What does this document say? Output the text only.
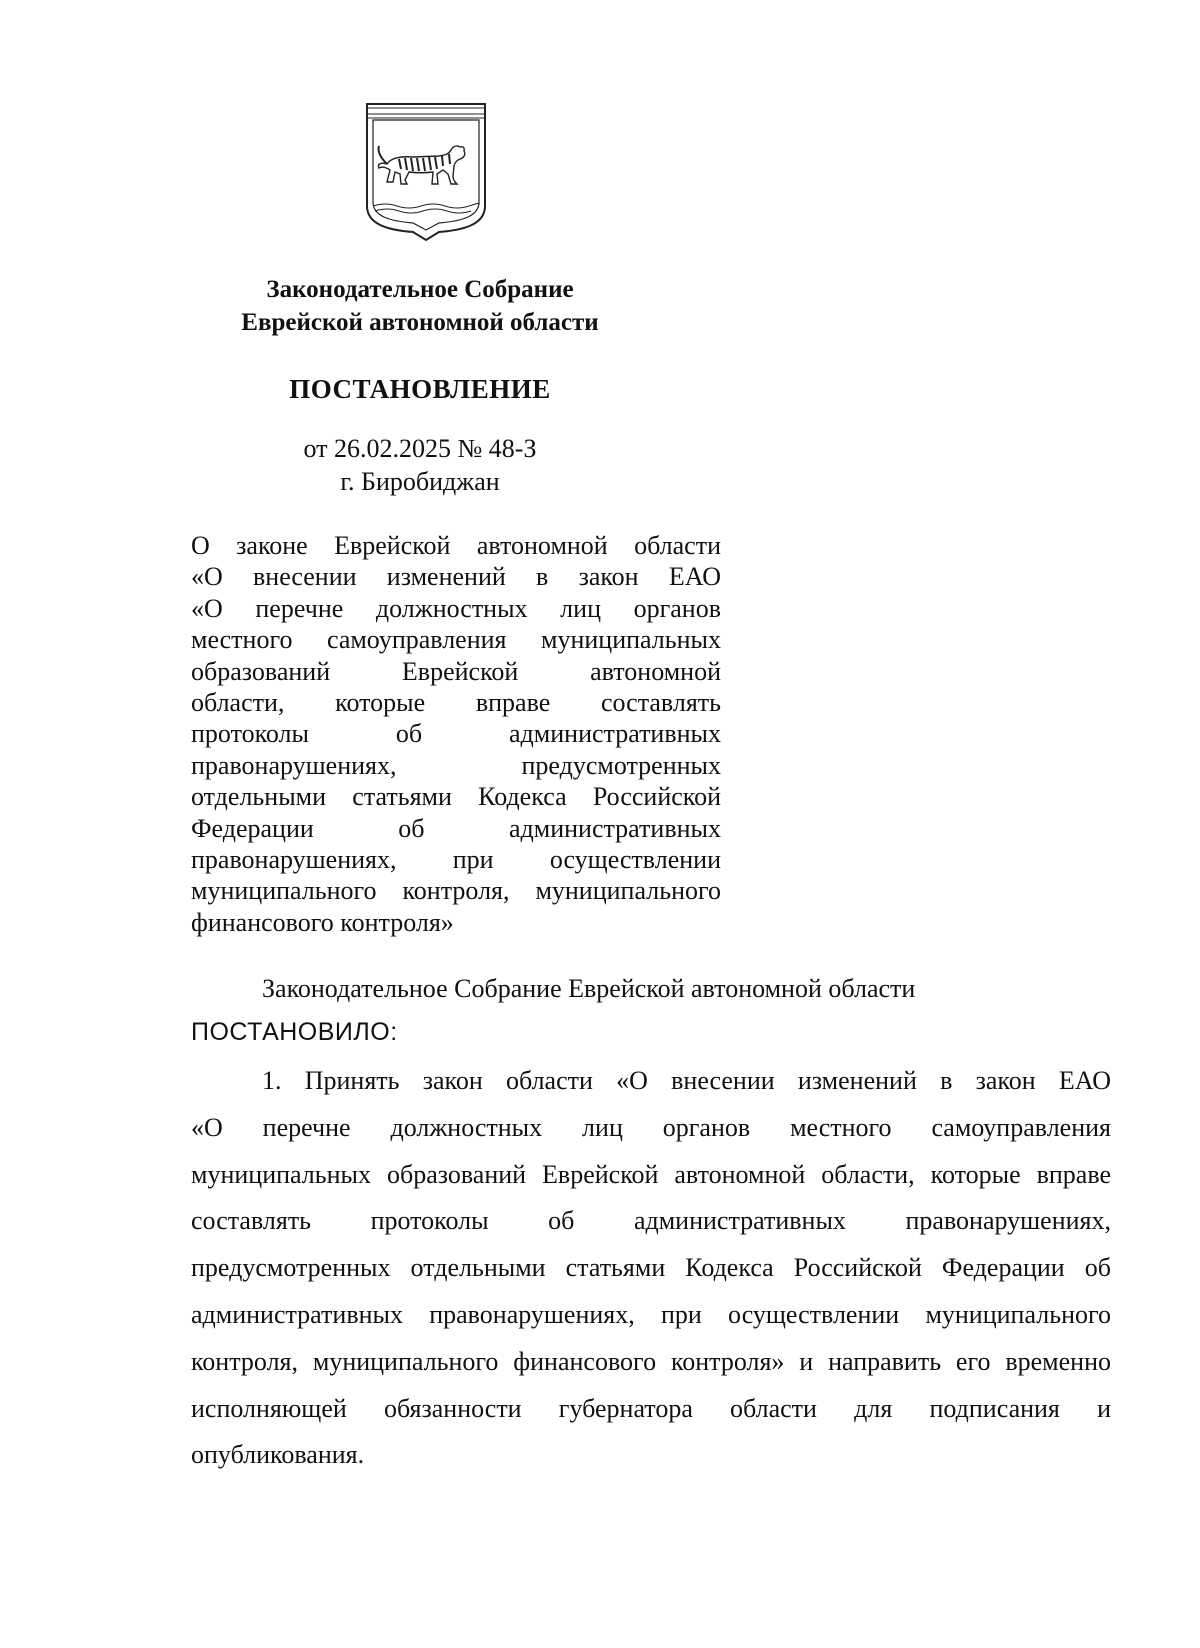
Законодательное Собрание
Еврейской автономной области
ПОСТАНОВЛЕНИЕ
от 26.02.2025 № 48-З
г. Биробиджан
О законе Еврейской автономной области
«О внесении изменений в закон ЕАО
«О перечне должностных лиц органов
местного самоуправления муниципальных
образований Еврейской автономной
области, которые вправе составлять
протоколы об административных
правонарушениях, предусмотренных
отдельными статьями Кодекса Российской
Федерации об административных
правонарушениях, при осуществлении
муниципального контроля, муниципального
финансового контроля»
Законодательное Собрание Еврейской автономной области
ПОСТАНОВИЛО:
1. Принять закон области «О внесении изменений в закон ЕАО
«О перечне должностных лиц органов местного самоуправления
муниципальных образований Еврейской автономной области, которые вправе
составлять протоколы об административных правонарушениях,
предусмотренных отдельными статьями Кодекса Российской Федерации об
административных правонарушениях, при осуществлении муниципального
контроля, муниципального финансового контроля» и направить его временно
исполняющей обязанности губернатора области для подписания и
опубликования.
